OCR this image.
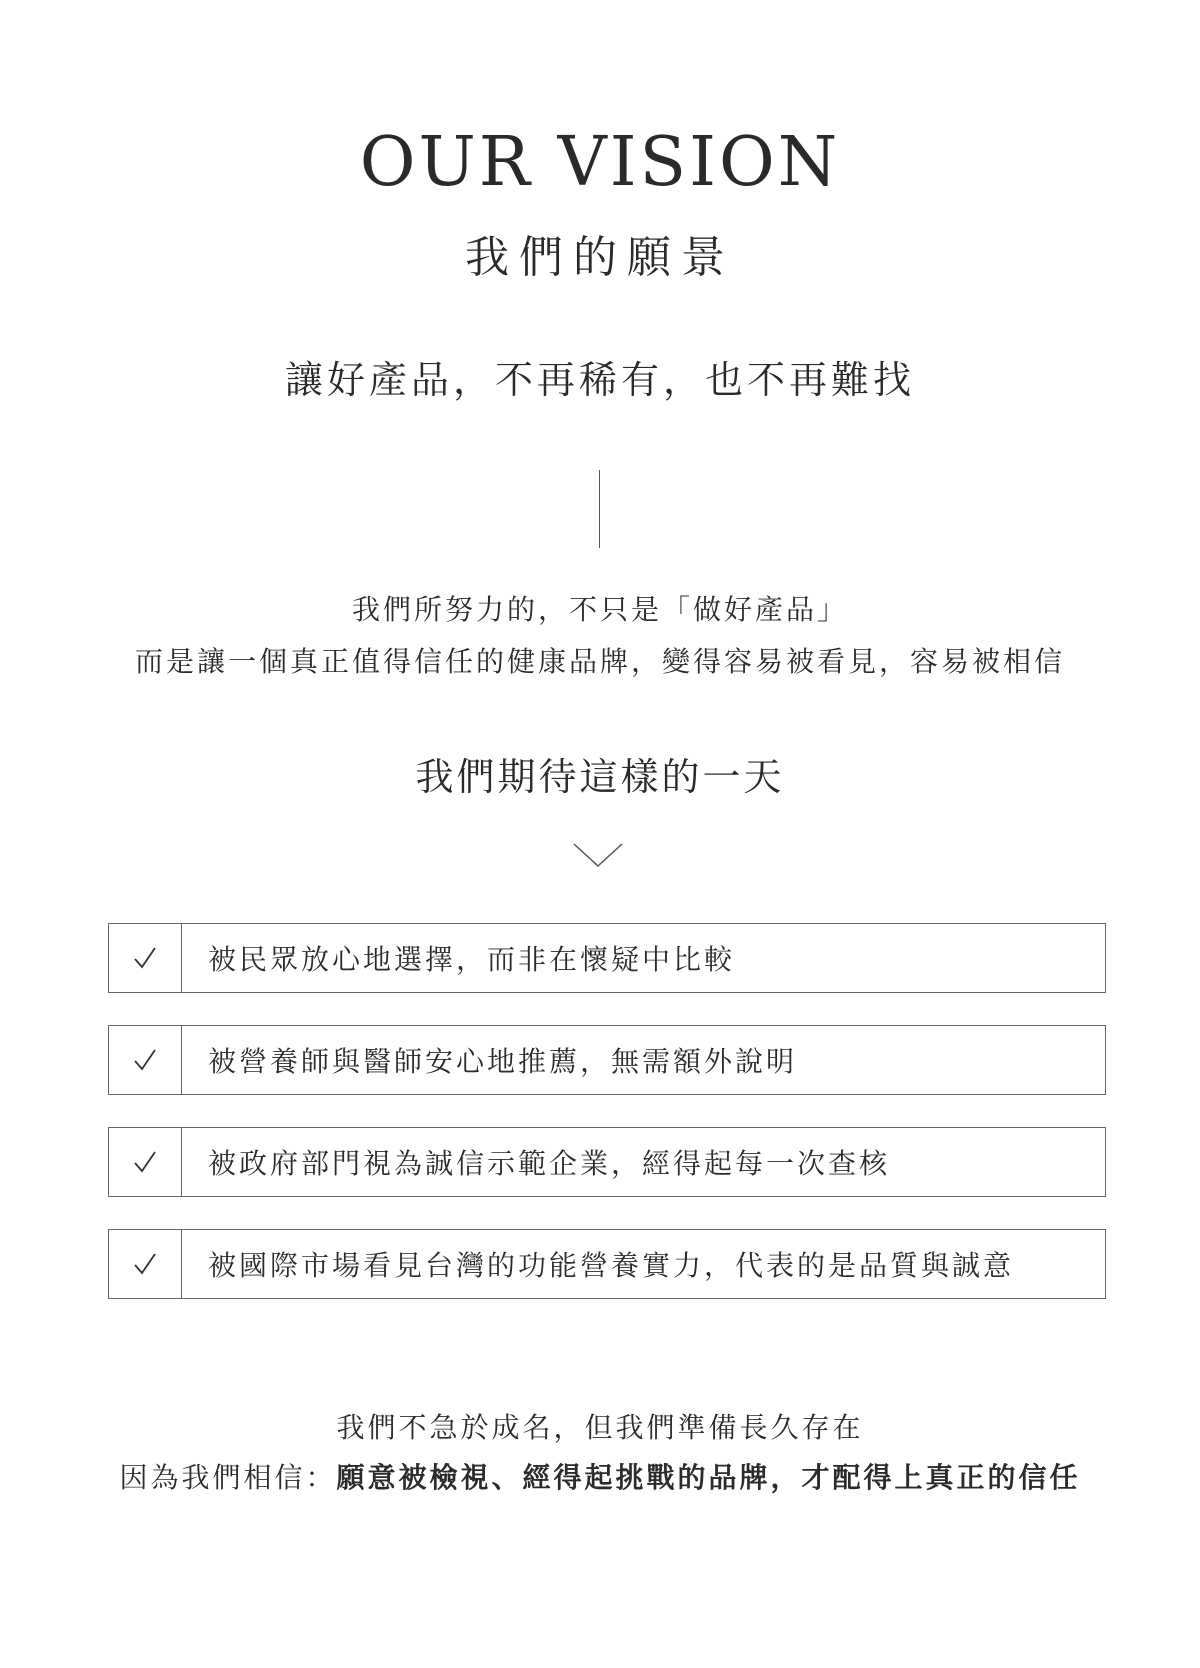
OUR VISION
我們的願景
讓好產品，不再稀有，也不再難找
我們所努力的，不只是「做好產品」
而是讓一個真正值得信任的健康品牌，變得容易被看見，容易被相信
我們期待這樣的一天
被民眾放心地選擇，而非在懷疑中比較
被營養師與醫師安心地推薦，無需額外說明
被政府部門視為誠信示範企業，經得起每一次查核
被國際市場看見台灣的功能營養實力，代表的是品質與誠意
我們不急於成名，但我們準備長久存在
因為我們相信：願意被檢視、經得起挑戰的品牌，才配得上真正的信任
